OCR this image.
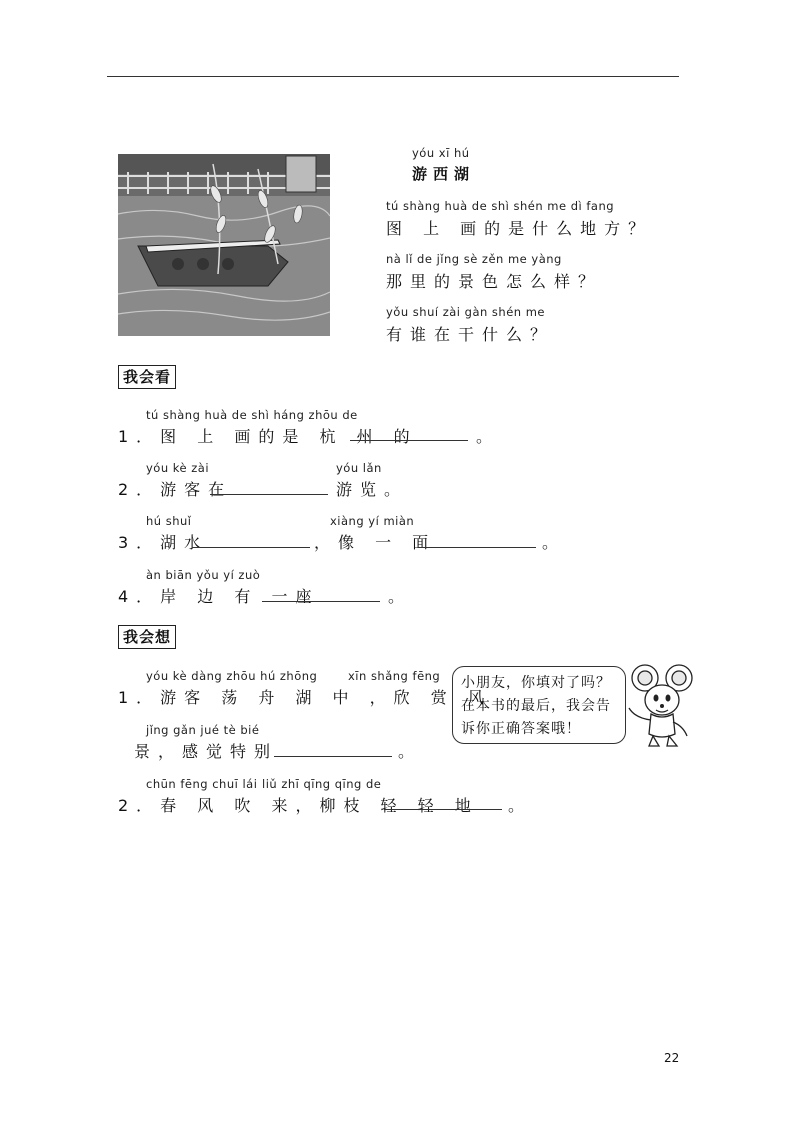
yóu xī hú
游西湖
tú shàng huà de shì shén me dì fang
图 上 画的是什么地方？
nà lǐ de jǐng sè zěn me yàng
那里的景色怎么样？
yǒu shuí zài gàn shén me
有谁在干什么？
我会看
tú shàng huà de shì háng zhōu de
1．图 上 画的是 杭 州 的	。
yóu kè zài	yóu lǎn
2．游客在	游览。
hú shuǐ	xiàng yí miàn
3．湖水	，像 一 面	。
àn biān yǒu yí zuò
4．岸 边 有 一座	。
我会想
yóu kè dàng zhōu hú zhōng	xīn shǎng fēng
1．游客 荡 舟 湖 中 ，欣 赏 风
jǐng gǎn jué tè bié
景，感觉特别	。
chūn fēng chuī lái liǔ zhī qīng qīng de
2．春 风 吹 来，柳枝 轻 轻 地 。
小朋友，你填对了吗？
在本书的最后，我会告
诉你正确答案哦！
22
